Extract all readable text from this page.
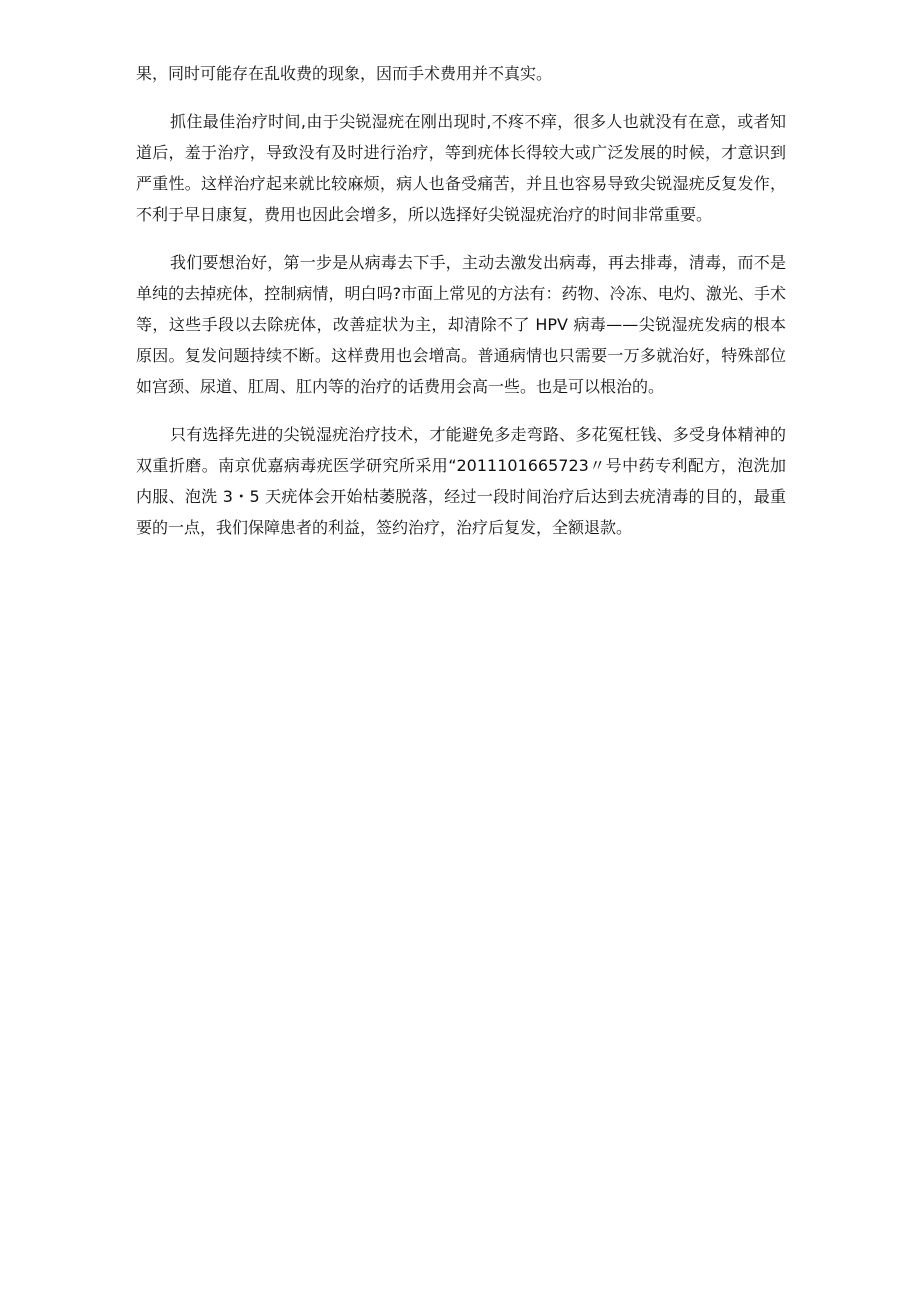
果，同时可能存在乱收费的现象，因而手术费用并不真实。

抓住最佳治疗时间,由于尖锐湿疣在刚出现时,不疼不痒，很多人也就没有在意，或者知道后，羞于治疗，导致没有及时进行治疗，等到疣体长得较大或广泛发展的时候，才意识到严重性。这样治疗起来就比较麻烦，病人也备受痛苦，并且也容易导致尖锐湿疣反复发作，不利于早日康复，费用也因此会增多，所以选择好尖锐湿疣治疗的时间非常重要。

我们要想治好，第一步是从病毒去下手，主动去激发出病毒，再去排毒，清毒，而不是单纯的去掉疣体，控制病情，明白吗?市面上常见的方法有：药物、冷冻、电灼、激光、手术等，这些手段以去除疣体，改善症状为主，却清除不了 HPV 病毒——尖锐湿疣发病的根本原因。复发问题持续不断。这样费用也会增高。普通病情也只需要一万多就治好，特殊部位如宫颈、尿道、肛周、肛内等的治疗的话费用会高一些。也是可以根治的。

只有选择先进的尖锐湿疣治疗技术，才能避免多走弯路、多花冤枉钱、多受身体精神的双重折磨。南京优嘉病毒疣医学研究所采用“2011101665723〃号中药专利配方，泡洗加内服、泡洗 3・5 天疣体会开始枯萎脱落，经过一段时间治疗后达到去疣清毒的目的，最重要的一点，我们保障患者的利益，签约治疗，治疗后复发，全额退款。
